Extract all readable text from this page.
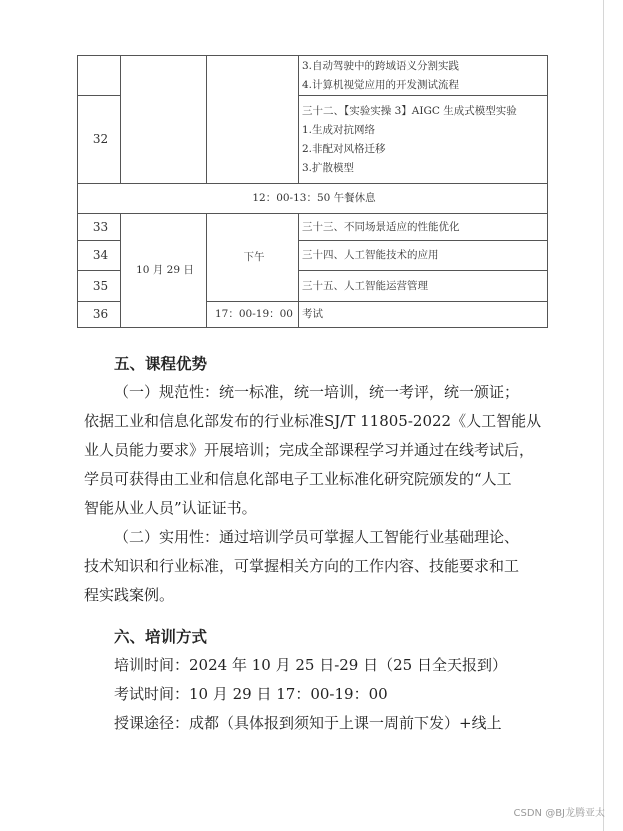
			3.自动驾驶中的跨域语义分割实践
4.计算机视觉应用的开发测试流程

32			三十二、【实验实操 3】AIGC 生成式模型实验
1.生成对抗网络
2.非配对风格迁移
3.扩散模型

12：00-13：50 午餐休息			
33	10 月 29 日	下午	三十三、不同场景适应的性能优化
34			三十四、人工智能技术的应用
35			三十五、人工智能运营管理
36		17：00-19：00	考试
五、课程优势
（一）规范性：统一标准，统一培训，统一考评，统一颁证；
依据工业和信息化部发布的行业标准SJ/T 11805-2022《人工智能从
业人员能力要求》开展培训；完成全部课程学习并通过在线考试后，
学员可获得由工业和信息化部电子工业标准化研究院颁发的“人工
智能从业人员”认证证书。
（二）实用性：通过培训学员可掌握人工智能行业基础理论、
技术知识和行业标准，可掌握相关方向的工作内容、技能要求和工
程实践案例。
六、培训方式
培训时间：2024 年 10 月 25 日-29 日（25 日全天报到）
考试时间：10 月 29 日 17：00-19：00
授课途径：成都（具体报到须知于上课一周前下发）+线上
CSDN @BJ龙腾亚太
